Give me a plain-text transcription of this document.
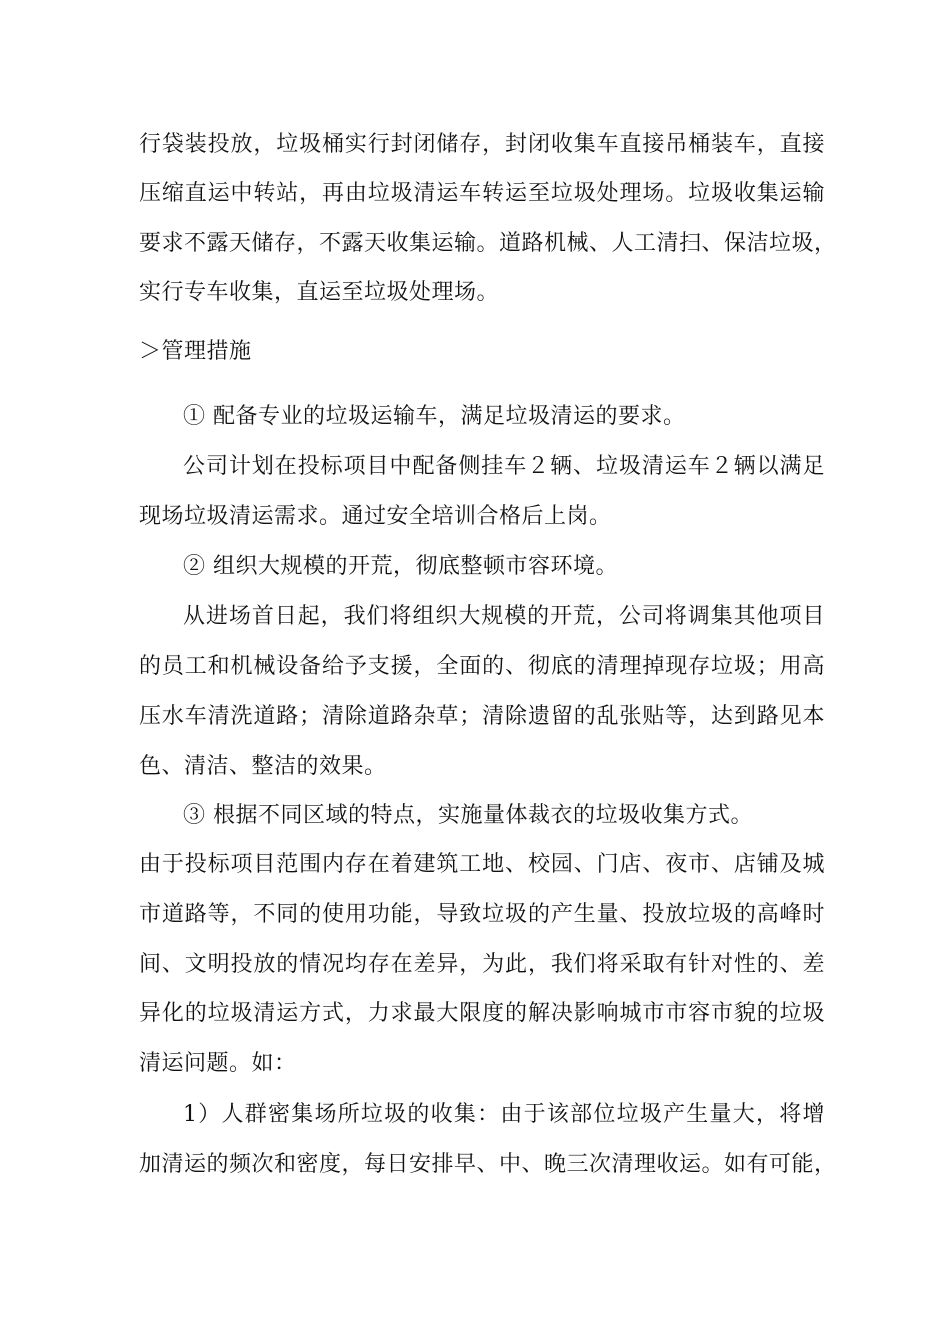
行袋装投放，垃圾桶实行封闭储存，封闭收集车直接吊桶装车，直接
压缩直运中转站，再由垃圾清运车转运至垃圾处理场。垃圾收集运输
要求不露天储存，不露天收集运输。道路机械、人工清扫、保洁垃圾，
实行专车收集，直运至垃圾处理场。
＞管理措施
① 配备专业的垃圾运输车，满足垃圾清运的要求。
公司计划在投标项目中配备侧挂车２辆、垃圾清运车２辆以满足
现场垃圾清运需求。通过安全培训合格后上岗。
② 组织大规模的开荒，彻底整顿市容环境。
从进场首日起，我们将组织大规模的开荒，公司将调集其他项目
的员工和机械设备给予支援，全面的、彻底的清理掉现存垃圾；用高
压水车清洗道路；清除道路杂草；清除遗留的乱张贴等，达到路见本
色、清洁、整洁的效果。
③ 根据不同区域的特点，实施量体裁衣的垃圾收集方式。
由于投标项目范围内存在着建筑工地、校园、门店、夜市、店铺及城
市道路等，不同的使用功能，导致垃圾的产生量、投放垃圾的高峰时
间、文明投放的情况均存在差异，为此，我们将采取有针对性的、差
异化的垃圾清运方式，力求最大限度的解决影响城市市容市貌的垃圾
清运问题。如：
1）人群密集场所垃圾的收集：由于该部位垃圾产生量大，将增
加清运的频次和密度，每日安排早、中、晚三次清理收运。如有可能，
